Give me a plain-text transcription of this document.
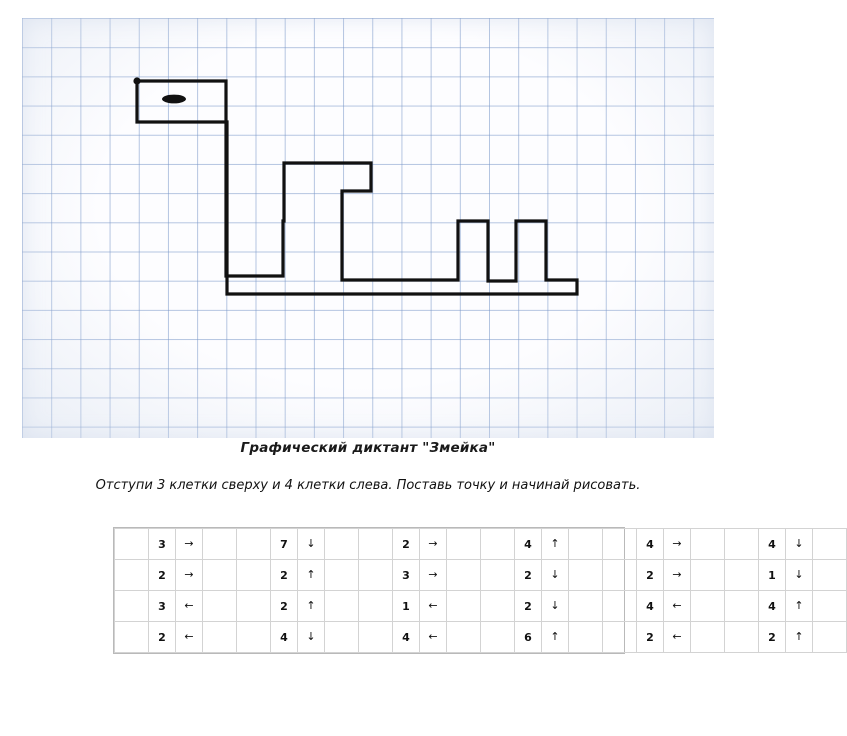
Графический диктант "Змейка"
Отступи 3 клетки сверху и 4 клетки слева. Поставь точку и начинай рисовать.
	3	→			7	↓			2	→			4	↑			4	→			4	↓	
	2	→			2	↑			3	→			2	↓			2	→			1	↓	
	3	←			2	↑			1	←			2	↓			4	←			4	↑	
	2	←			4	↓			4	←			6	↑			2	←			2	↑	
